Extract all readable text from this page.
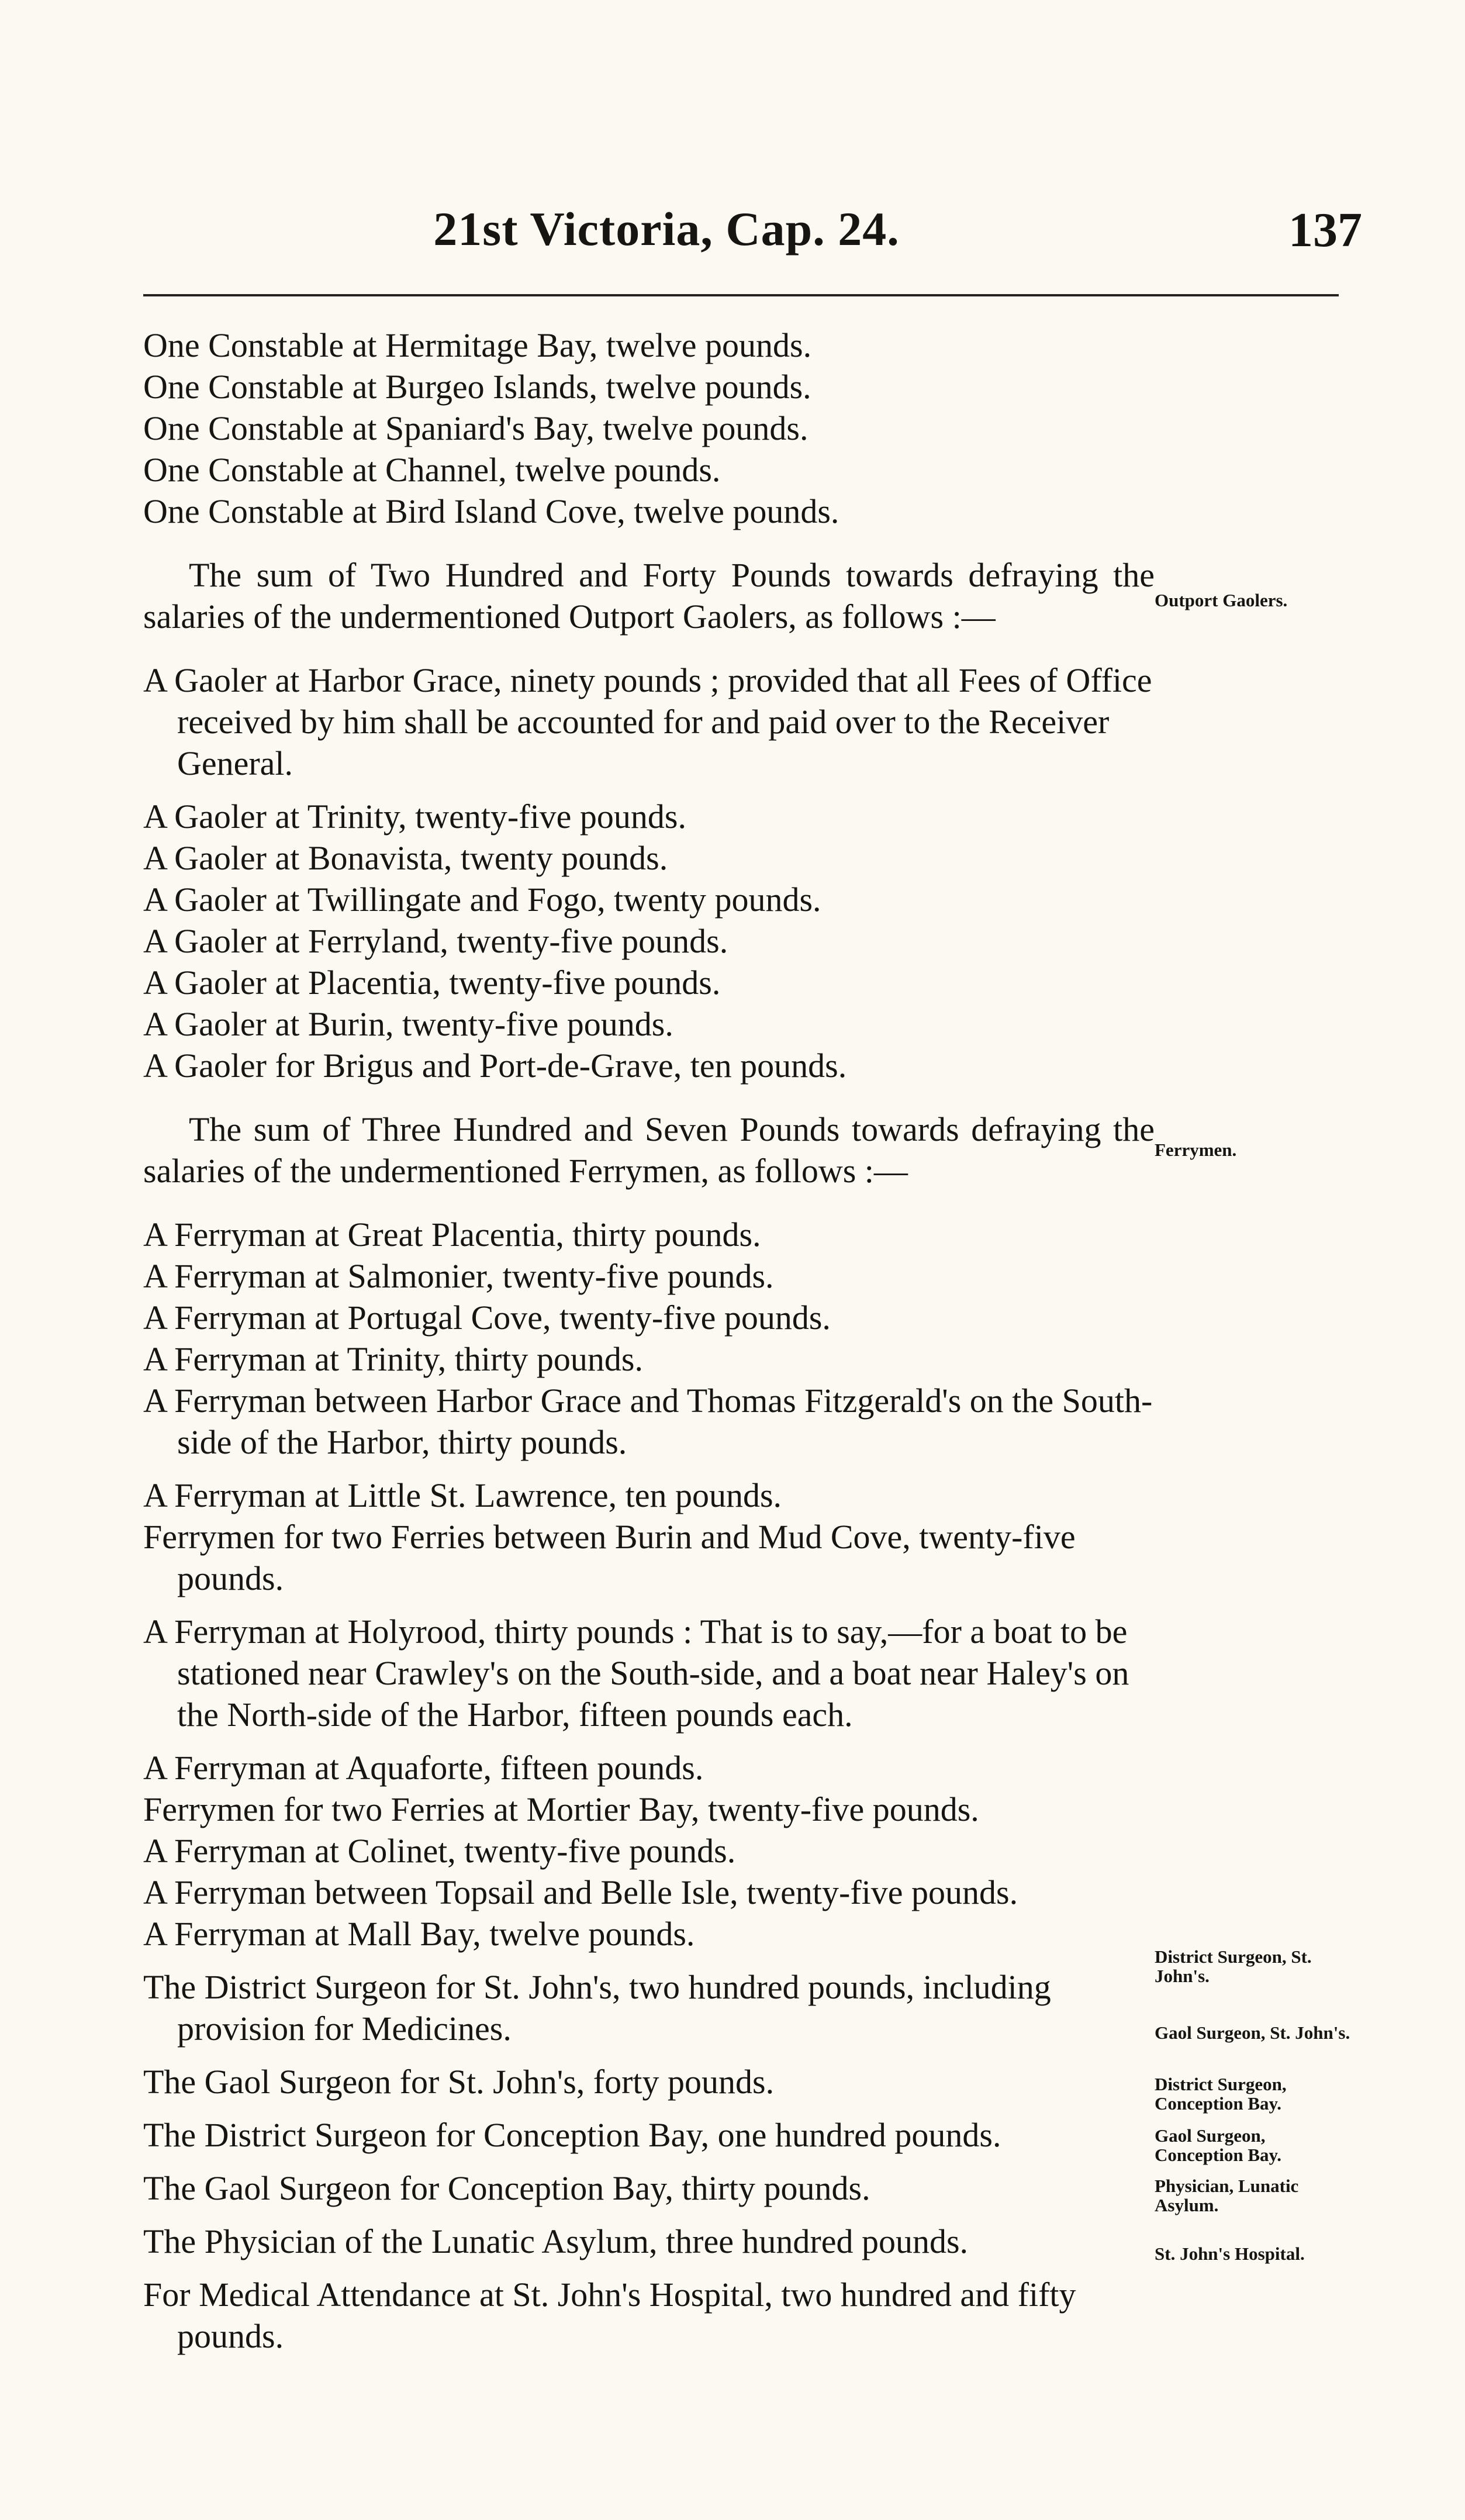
21st Victoria, Cap. 24.	137
One Constable at Hermitage Bay, twelve pounds.
One Constable at Burgeo Islands, twelve pounds.
One Constable at Spaniard's Bay, twelve pounds.
One Constable at Channel, twelve pounds.
One Constable at Bird Island Cove, twelve pounds.
The sum of Two Hundred and Forty Pounds towards defraying the salaries of the undermentioned Outport Gaolers, as follows :—
A Gaoler at Harbor Grace, ninety pounds ; provided that all Fees of Office received by him shall be accounted for and paid over to the Receiver General.
A Gaoler at Trinity, twenty-five pounds.
A Gaoler at Bonavista, twenty pounds.
A Gaoler at Twillingate and Fogo, twenty pounds.
A Gaoler at Ferryland, twenty-five pounds.
A Gaoler at Placentia, twenty-five pounds.
A Gaoler at Burin, twenty-five pounds.
A Gaoler for Brigus and Port-de-Grave, ten pounds.
The sum of Three Hundred and Seven Pounds towards defraying the salaries of the undermentioned Ferrymen, as follows :—
A Ferryman at Great Placentia, thirty pounds.
A Ferryman at Salmonier, twenty-five pounds.
A Ferryman at Portugal Cove, twenty-five pounds.
A Ferryman at Trinity, thirty pounds.
A Ferryman between Harbor Grace and Thomas Fitzgerald's on the South-side of the Harbor, thirty pounds.
A Ferryman at Little St. Lawrence, ten pounds.
Ferrymen for two Ferries between Burin and Mud Cove, twenty-five pounds.
A Ferryman at Holyrood, thirty pounds : That is to say,—for a boat to be stationed near Crawley's on the South-side, and a boat near Haley's on the North-side of the Harbor, fifteen pounds each.
A Ferryman at Aquaforte, fifteen pounds.
Ferrymen for two Ferries at Mortier Bay, twenty-five pounds.
A Ferryman at Colinet, twenty-five pounds.
A Ferryman between Topsail and Belle Isle, twenty-five pounds.
A Ferryman at Mall Bay, twelve pounds.
The District Surgeon for St. John's, two hundred pounds, including provision for Medicines.
The Gaol Surgeon for St. John's, forty pounds.
The District Surgeon for Conception Bay, one hundred pounds.
The Gaol Surgeon for Conception Bay, thirty pounds.
The Physician of the Lunatic Asylum, three hundred pounds.
For Medical Attendance at St. John's Hospital, two hundred and fifty pounds.
Outport Gaolers.
Ferrymen.
District Surgeon, St. John's.
Gaol Surgeon, St. John's.
District Surgeon, Conception Bay.
Gaol Surgeon, Conception Bay.
Physician, Lunatic Asylum.
St. John's Hospital.
